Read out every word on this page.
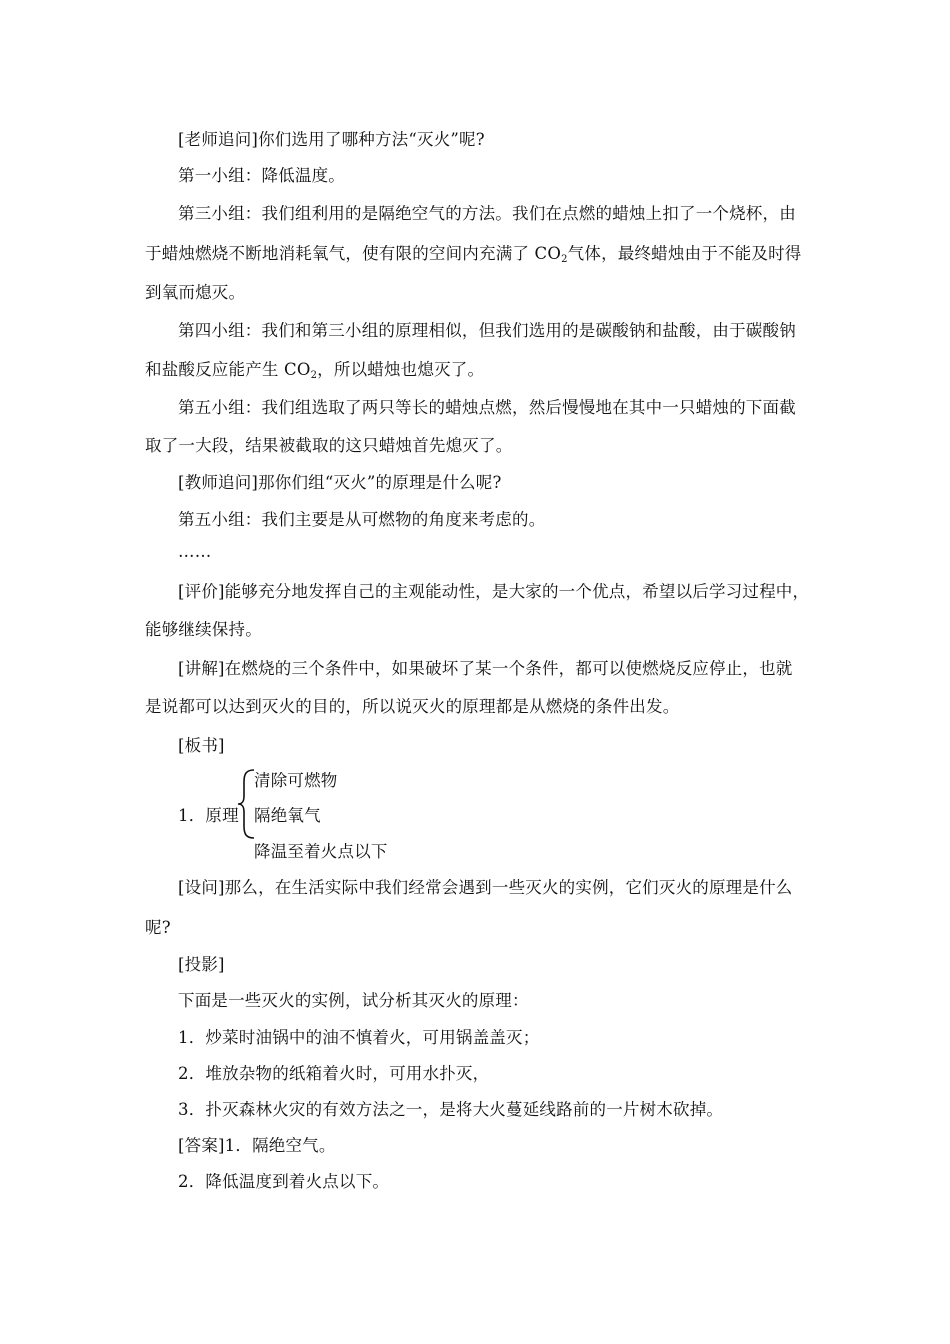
[老师追问]你们选用了哪种方法“灭火”呢?
第一小组：降低温度。
第三小组：我们组利用的是隔绝空气的方法。我们在点燃的蜡烛上扣了一个烧杯，由
于蜡烛燃烧不断地消耗氧气，使有限的空间内充满了 $CO_2$气体，最终蜡烛由于不能及时得
到氧而熄灭。
第四小组：我们和第三小组的原理相似，但我们选用的是碳酸钠和盐酸，由于碳酸钠
和盐酸反应能产生 $CO_2$，所以蜡烛也熄灭了。
第五小组：我们组选取了两只等长的蜡烛点燃，然后慢慢地在其中一只蜡烛的下面截
取了一大段，结果被截取的这只蜡烛首先熄灭了。
[教师追问]那你们组“灭火”的原理是什么呢?
第五小组：我们主要是从可燃物的角度来考虑的。
……
[评价]能够充分地发挥自己的主观能动性，是大家的一个优点，希望以后学习过程中，
能够继续保持。
[讲解]在燃烧的三个条件中，如果破坏了某一个条件，都可以使燃烧反应停止，也就
是说都可以达到灭火的目的，所以说灭火的原理都是从燃烧的条件出发。
[板书]
清除可燃物
1．原理 隔绝氧气
降温至着火点以下
[设问]那么，在生活实际中我们经常会遇到一些灭火的实例，它们灭火的原理是什么
呢?
[投影]
下面是一些灭火的实例，试分析其灭火的原理：
1．炒菜时油锅中的油不慎着火，可用锅盖盖灭；
2．堆放杂物的纸箱着火时，可用水扑灭，
3．扑灭森林火灾的有效方法之一，是将大火蔓延线路前的一片树木砍掉。
[答案]1．隔绝空气。
2．降低温度到着火点以下。
